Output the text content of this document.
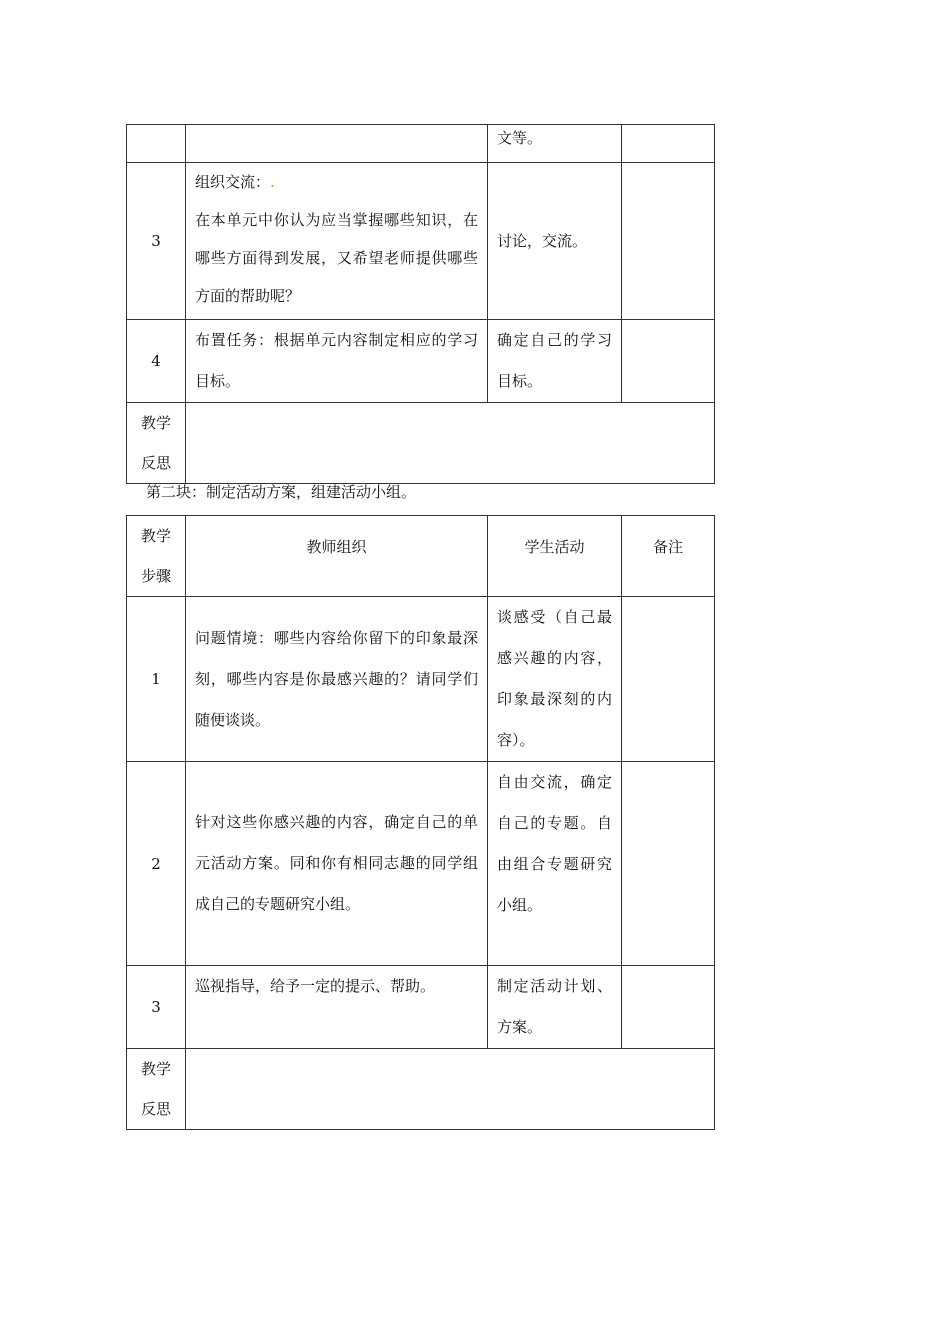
		文等。	

3	组织交流：.
在本单元中你认为应当掌握哪些知识，在哪些方面得到发展，又希望老师提供哪些方面的帮助呢？	讨论，交流。	

4	布置任务：根据单元内容制定相应的学习目标。	确定自己的学习目标。	

教学反思			

第二块：制定活动方案，组建活动小组。
教学步骤	教师组织	学生活动	备注
1	问题情境：哪些内容给你留下的印象最深刻，哪些内容是你最感兴趣的？请同学们随便谈谈。	谈感受（自己最感兴趣的内容，印象最深刻的内容）。	

2	针对这些你感兴趣的内容，确定自己的单元活动方案。同和你有相同志趣的同学组成自己的专题研究小组。	自由交流，确定自己的专题。自由组合专题研究小组。	

3	巡视指导，给予一定的提示、帮助。	制定活动计划、方案。	

教学反思			
